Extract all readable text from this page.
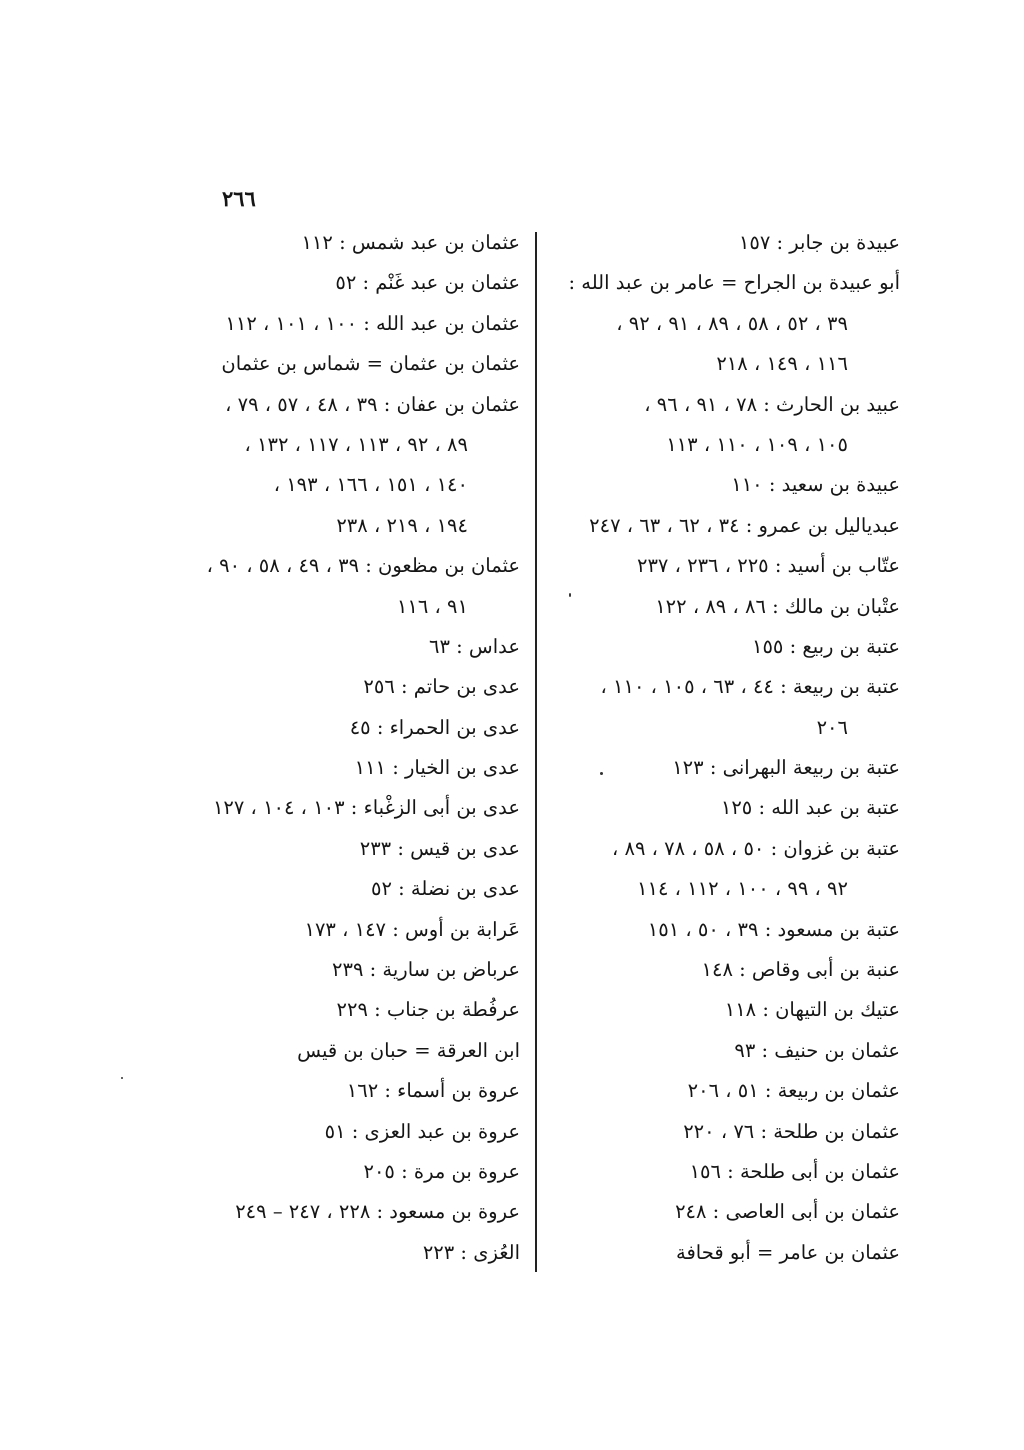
٢٦٦
عبيدة بن جابر : ١٥٧
أبو عبيدة بن الجراح = عامر بن عبد الله :
٣٩ ، ٥٢ ، ٥٨ ، ٨٩ ، ٩١ ، ٩٢ ،
١١٦ ، ١٤٩ ، ٢١٨
عبيد بن الحارث : ٧٨ ، ٩١ ، ٩٦ ،
١٠٥ ، ١٠٩ ، ١١٠ ، ١١٣
عبيدة بن سعيد : ١١٠
عبدياليل بن عمرو : ٣٤ ، ٦٢ ، ٦٣ ، ٢٤٧
عتّاب بن أسيد : ٢٢٥ ، ٢٣٦ ، ٢٣٧
عتْبان بن مالك : ٨٦ ، ٨٩ ، ١٢٢
عتبة بن ربيع : ١٥٥
عتبة بن ربيعة : ٤٤ ، ٦٣ ، ١٠٥ ، ١١٠ ،
٢٠٦
عتبة بن ربيعة البهرانى : ١٢٣
عتبة بن عبد الله : ١٢٥
عتبة بن غزوان : ٥٠ ، ٥٨ ، ٧٨ ، ٨٩ ،
٩٢ ، ٩٩ ، ١٠٠ ، ١١٢ ، ١١٤
عتبة بن مسعود : ٣٩ ، ٥٠ ، ١٥١
عنبة بن أبى وقاص : ١٤٨
عتيك بن التيهان : ١١٨
عثمان بن حنيف : ٩٣
عثمان بن ربيعة : ٥١ ، ٢٠٦
عثمان بن طلحة : ٧٦ ، ٢٢٠
عثمان بن أبى طلحة : ١٥٦
عثمان بن أبى العاصى : ٢٤٨
عثمان بن عامر = أبو قحافة
عثمان بن عبد شمس : ١١٢
عثمان بن عبد غَنْم : ٥٢
عثمان بن عبد الله : ١٠٠ ، ١٠١ ، ١١٢
عثمان بن عثمان = شماس بن عثمان
عثمان بن عفان : ٣٩ ، ٤٨ ، ٥٧ ، ٧٩ ،
٨٩ ، ٩٢ ، ١١٣ ، ١١٧ ، ١٣٢ ،
١٤٠ ، ١٥١ ، ١٦٦ ، ١٩٣ ،
١٩٤ ، ٢١٩ ، ٢٣٨
عثمان بن مظعون : ٣٩ ، ٤٩ ، ٥٨ ، ٩٠ ،
٩١ ، ١١٦
عداس : ٦٣
عدى بن حاتم : ٢٥٦
عدى بن الحمراء : ٤٥
عدى بن الخيار : ١١١
عدى بن أبى الزغْباء : ١٠٣ ، ١٠٤ ، ١٢٧
عدى بن قيس : ٢٣٣
عدى بن نضلة : ٥٢
عَرابة بن أوس : ١٤٧ ، ١٧٣
عرباض بن سارية : ٢٣٩
عرفُطة بن جناب : ٢٢٩
ابن العرقة = حبان بن قيس
عروة بن أسماء : ١٦٢
عروة بن عبد العزى : ٥١
عروة بن مرة : ٢٠٥
عروة بن مسعود : ٢٢٨ ، ٢٤٧ – ٢٤٩
العُزى : ٢٢٣
